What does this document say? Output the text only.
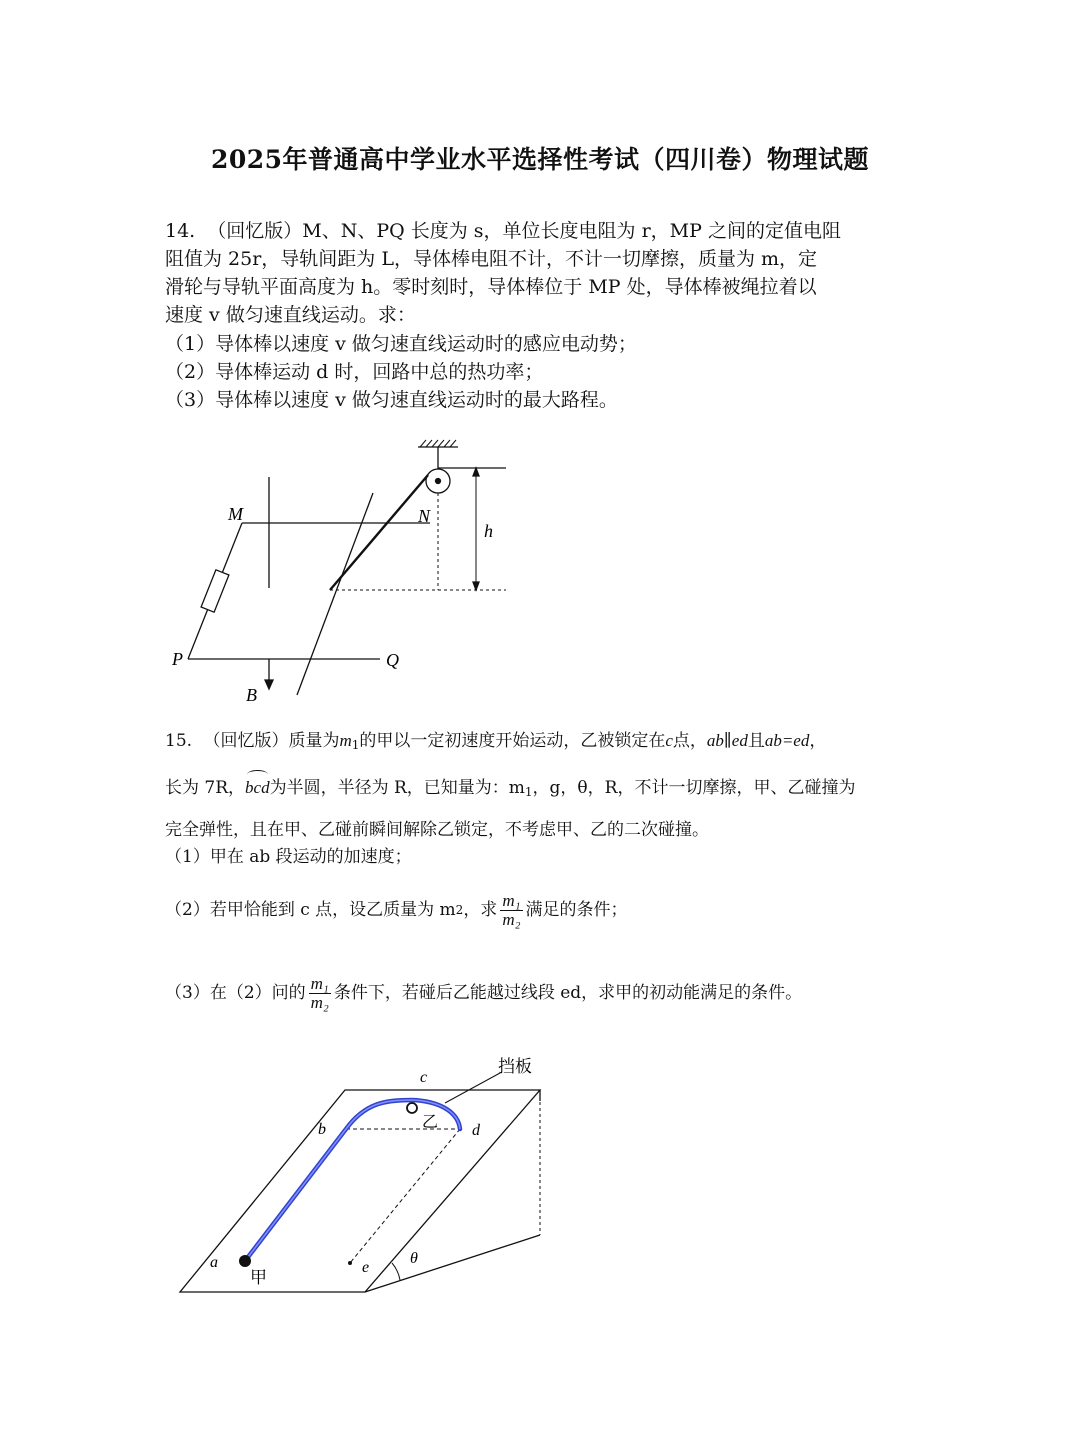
2025年普通高中学业水平选择性考试（四川卷）物理试题
14. （回忆版）M、N、PQ 长度为 s，单位长度电阻为 r，MP 之间的定值电阻
阻值为 25r，导轨间距为 L，导体棒电阻不计，不计一切摩擦，质量为 m，定
滑轮与导轨平面高度为 h。零时刻时，导体棒位于 MP 处，导体棒被绳拉着以
速度 v 做匀速直线运动。求：
（1）导体棒以速度 v 做匀速直线运动时的感应电动势；
（2）导体棒运动 d 时，回路中总的热功率；
（3）导体棒以速度 v 做匀速直线运动时的最大路程。
M	N
P	Q
B
h
15. （回忆版）质量为$m_1$的甲以一定初速度开始运动，乙被锁定在c点，ab∥ed且ab=ed，
长为 7R，bcd为半圆，半径为 R，已知量为：$m_1$，g，θ，R，不计一切摩擦，甲、乙碰撞为
完全弹性，且在甲、乙碰前瞬间解除乙锁定，不考虑甲、乙的二次碰撞。
（1）甲在 ab 段运动的加速度；
（2）若甲恰能到 c 点，设乙质量为 m 2 ，求 $\frac{\text{m₁}}{\text{m₂}}$ 满足的条件；
（3）在（2）问的 $\frac{\text{m₁}}{\text{m₂}}$ 条件下，若碰后乙能越过线段 ed，求甲的初动能满足的条件。
a
b
c
d
e
θ
甲
乙
挡板
